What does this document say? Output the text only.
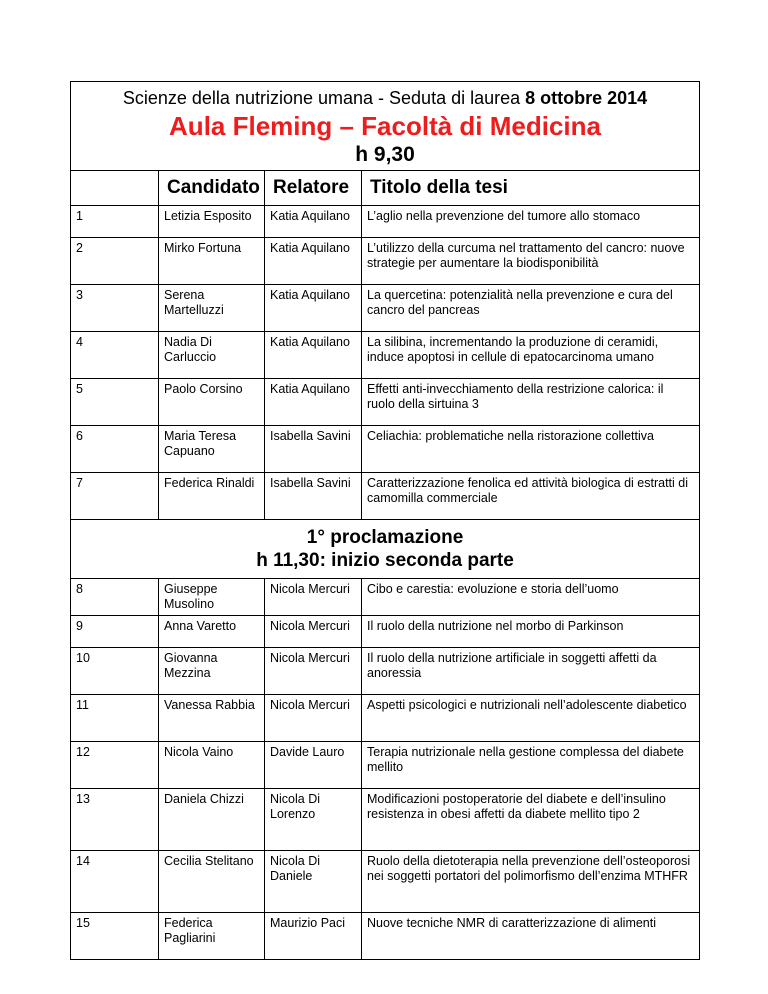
Scienze della nutrizione umana - Seduta di laurea 8 ottobre 2014
Aula Fleming – Facoltà di Medicina
h 9,30			

	Candidato	Relatore	Titolo della tesi
1	Letizia Esposito	Katia Aquilano	L’aglio nella prevenzione del tumore allo stomaco
2	Mirko Fortuna	Katia Aquilano	L’utilizzo della curcuma nel trattamento del cancro: nuove strategie per aumentare la biodisponibilità
3	Serena Martelluzzi	Katia Aquilano	La quercetina: potenzialità nella prevenzione e cura del cancro del pancreas
4	Nadia Di Carluccio	Katia Aquilano	La silibina, incrementando la produzione di ceramidi, induce apoptosi in cellule di epatocarcinoma umano
5	Paolo Corsino	Katia Aquilano	Effetti anti-invecchiamento della restrizione calorica: il ruolo della sirtuina 3
6	Maria Teresa Capuano	Isabella Savini	Celiachia: problematiche nella ristorazione collettiva
7	Federica Rinaldi	Isabella Savini	Caratterizzazione fenolica ed attività biologica di estratti di camomilla commerciale

1° proclamazione
h 11,30: inizio seconda parte			

8	Giuseppe Musolino	Nicola Mercuri	Cibo e carestia: evoluzione e storia dell’uomo
9	Anna Varetto	Nicola Mercuri	Il ruolo della nutrizione nel morbo di Parkinson
10	Giovanna Mezzina	Nicola Mercuri	Il ruolo della nutrizione artificiale in soggetti affetti da anoressia
11	Vanessa Rabbia	Nicola Mercuri	Aspetti psicologici e nutrizionali nell’adolescente diabetico
12	Nicola Vaino	Davide Lauro	Terapia nutrizionale nella gestione complessa del diabete mellito
13	Daniela Chizzi	Nicola Di Lorenzo	Modificazioni postoperatorie del diabete e dell’insulino resistenza in obesi affetti da diabete mellito tipo 2
14	Cecilia Stelitano	Nicola Di Daniele	Ruolo della dietoterapia nella prevenzione dell’osteoporosi nei soggetti portatori del polimorfismo dell’enzima MTHFR
15	Federica Pagliarini	Maurizio Paci	Nuove tecniche NMR di caratterizzazione di alimenti
